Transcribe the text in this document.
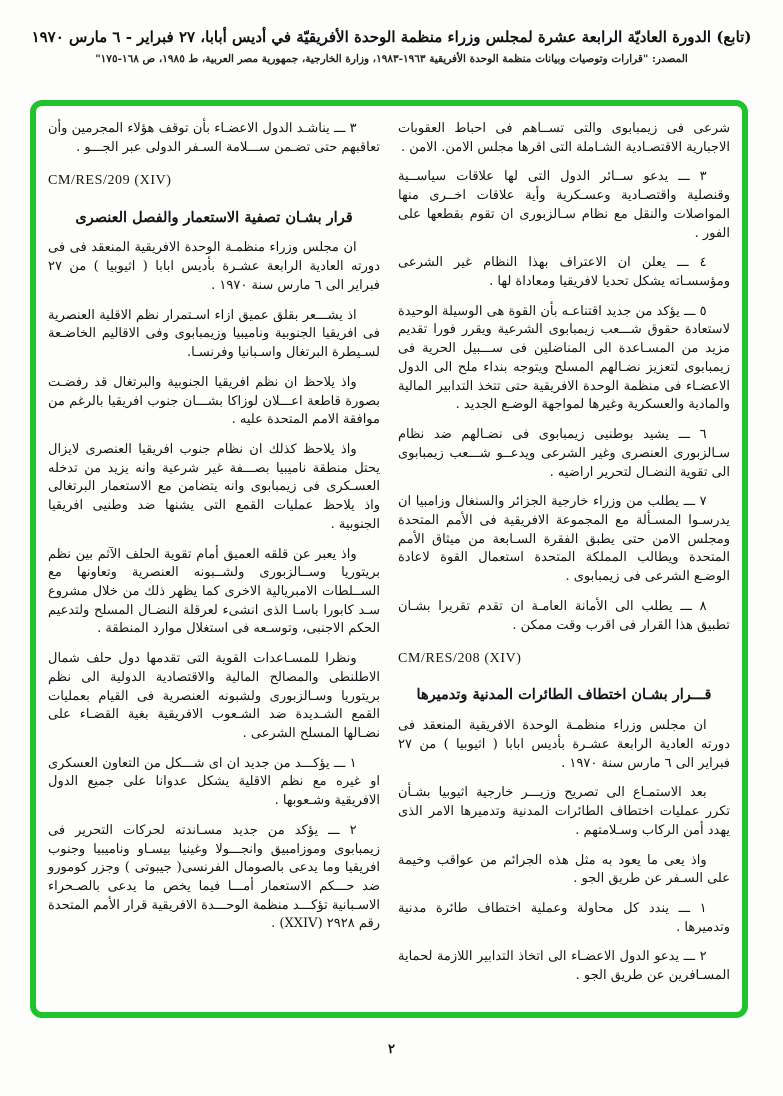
(تابع) الدورة العاديّة الرابعة عشرة لمجلس وزراء منظمة الوحدة الأفريقيّة في أديس أبابا، ٢٧ فبراير - ٦ مارس ١٩٧٠
المصدر: "قرارات وتوصيات وبيانات منظمة الوحدة الأفريقية ١٩٦٣-١٩٨٣، وزارة الخارجية، جمهورية مصر العربية، ط ١٩٨٥، ص ١٦٨-١٧٥"

شرعى فى زيمبابوى والتى تســاهم فى احباط العقوبات الاجبارية الاقتصـادية الشـاملة التى اقرها مجلس الامن. الامن .

٣ ـــ يدعو ســائر الدول التى لها علاقات سياســية وقنصلية واقتصـادية وعسـكرية وأية علاقات اخــرى منها المواصلات والنقل مع نظام سـالزبورى ان تقوم بقطعها على الفور .

٤ ـــ يعلن ان الاعتراف بهذا النظام غير الشرعى ومؤسسـاته يشكل تحديا لافريقيا ومعاداة لها .

٥ ـــ يؤكد من جديد اقتناعـه بأن القوة هى الوسيلة الوحيدة لاستعادة حقوق شـــعب زيمبابوى الشرعية ويقرر فورا تقديم مزيد من المسـاعدة الى المناضلين فى ســـبيل الحرية فى زيمبابوى لتعزيز نضـالهم المسلح ويتوجه بنداء ملح الى الدول الاعضـاء فى منظمة الوحدة الافريقية حتى تتخذ التدابير المالية والمادية والعسكرية وغيرها لمواجهة الوضـع الجديد .

٦ ـــ يشيد بوطنيى زيمبابوى فى نضـالهم ضد نظام سـالزبورى العنصرى وغير الشرعى ويدعــو شـــعب زيمبابوى الى تقوية النضـال لتحرير اراضيه .

٧ ـــ يطلب من وزراء خارجية الجزائر والسنغال وزامبيا ان يدرسـوا المسـألة مع المجموعة الافريقية فى الأمم المتحدة ومجلس الامن حتى يطبق الفقرة السـابعة من ميثاق الأمم المتحدة ويطالب المملكة المتحدة استعمال القوة لاعادة الوضـع الشرعى فى زيمبابوى .

٨ ـــ يطلب الى الأمانة العامـة ان تقدم تقريرا بشـان تطبيق هذا القرار فى اقرب وقت ممكن .

CM/RES/208 (XIV)

قـــرار بشـان اختطاف الطائرات المدنية وتدميرها

ان مجلس وزراء منظمـة الوحدة الافريقية المنعقد فى دورته العادية الرابعة عشـرة بأديس ابابا ( اثيوبيا ) من ٢٧ فبراير الى ٦ مارس سنة ١٩٧٠ .

بعد الاستمـاع الى تصريح وزيـــر خارجية اثيوبيا بشـأن تكرر عمليات اختطاف الطائرات المدنية وتدميرها الامر الذى يهدد أمن الركاب وسـلامتهم .

واذ يعى ما يعود به مثل هذه الجرائم من عواقب وخيمة على السـفر عن طريق الجو .

١ ـــ يندد كل محاولة وعملية اختطاف طائرة مدنية وتدميرها .

٢ ـــ يدعو الدول الاعضـاء الى اتخاذ التدابير اللازمة لحماية المسـافرين عن طريق الجو .

٣ ـــ يناشـد الدول الاعضـاء بأن توقف هؤلاء المجرمين وأن تعاقبهم حتى تضـمن ســـلامة السـفر الدولى عبر الجـــو .

CM/RES/209 (XIV)

قرار بشـان تصفية الاستعمار والفصل العنصرى

ان مجلس وزراء منظمـة الوحدة الافريقية المنعقد فى فى دورته العادية الرابعة عشـرة بأديس ابابا ( اثيوبيا ) من ٢٧ فبراير الى ٦ مارس سنة ١٩٧٠ .

اذ يشـــعر بقلق عميق ازاء اسـتمرار نظم الاقلية العنصرية فى افريقيا الجنوبية وناميبيا وزيمبابوى وفى الاقاليم الخاضـعة لسـيطرة البرتغال واسـبانيا وفرنسـا.

واذ يلاحظ ان نظم افريقيا الجنوبية والبرتغال قد رفضـت بصورة قاطعة اعـــلان لوزاكا بشـــان جنوب افريقيا بالرغم من موافقة الامم المتحدة عليه .

واذ يلاحظ كذلك ان نظام جنوب افريقيا العنصرى لايزال يحتل منطقة ناميبيا بصـــفة غير شرعية وانه يزيد من تدخله العسـكرى فى زيمبابوى وانه يتضامن مع الاستعمار البرتغالى واذ يلاحظ عمليات القمع التى يشنها ضد وطنيى افريقيا الجنوبية .

واذ يعبر عن قلقه العميق أمام تقوية الحلف الآثم بين نظم بريتوريا وســالزبورى ولشــبونه العنصرية وتعاونها مع الســلطات الامبريالية الاخرى كما يظهر ذلك من خلال مشروع سـد كابورا باسـا الذى انشىء لعرقلة النضـال المسلح ولتدعيم الحكم الاجنبى، وتوسـعه فى استغلال موارد المنطقة .

ونظرا للمسـاعدات القوية التى تقدمها دول حلف شمال الاطلنطى والمصالح المالية والاقتصادية الدولية الى نظم بريتوريا وسـالزبورى ولشبونه العنصرية فى القيام بعمليات القمع الشـديدة ضد الشـعوب الافريقية بغية القضـاء على نضـالها المسلح الشرعى .

١ ـــ يؤكـــد من جديد ان اى شـــكل من التعاون العسكرى او غيره مع نظم الاقلية يشكل عدوانا على جميع الدول الافريقية وشـعوبها .

٢ ـــ يؤكد من جديد مسـاندته لحركات التحرير فى زيمبابوى وموزامبيق وانجـــولا وغينيا بيسـاو وناميبيا وجنوب افريقيا وما يدعى بالصومال الفرنسى( جيبوتى ) وجزر كومورو ضد حـــكم الاستعمار أمـــا فيما يخص ما يدعى بالصـحراء الاسـبانية تؤكـــد منظمة الوحـــدة الافريقية قرار الأمم المتحدة رقم ٢٩٢٨ (XXIV) .

٢
